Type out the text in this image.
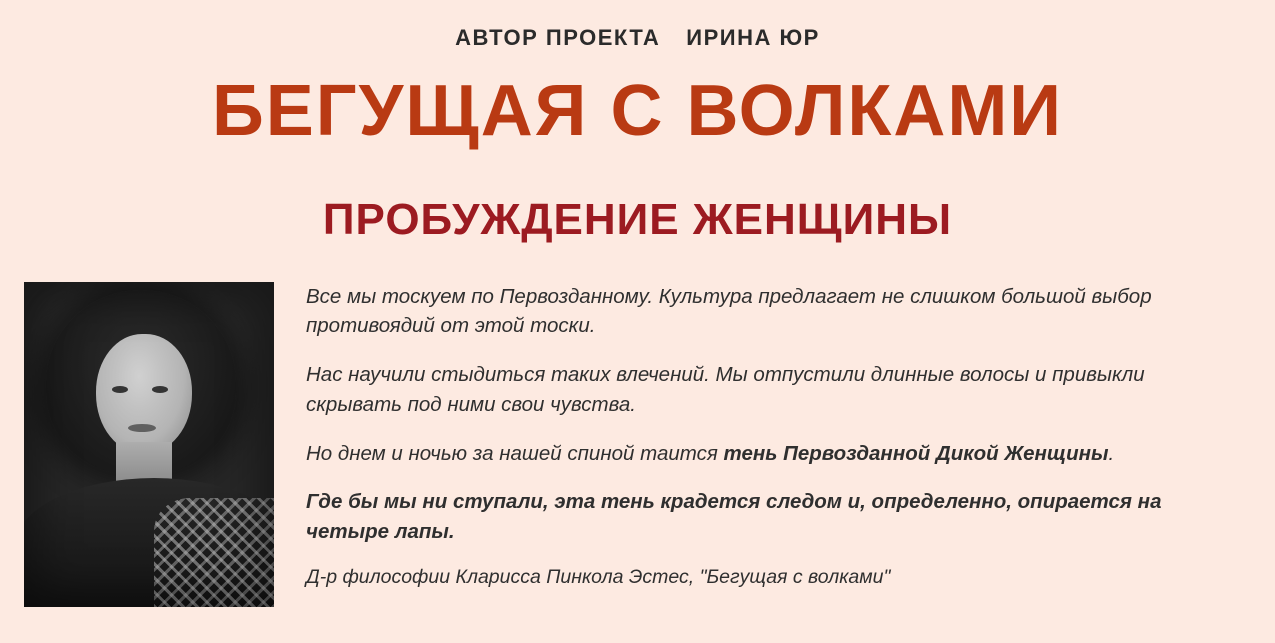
АВТОР ПРОЕКТА ИРИНА ЮР
БЕГУЩАЯ С ВОЛКАМИ
ПРОБУЖДЕНИЕ ЖЕНЩИНЫ

Все мы тоскуем по Первозданному. Культура предлагает не слишком большой выбор противоядий от этой тоски.

Нас научили стыдиться таких влечений. Мы отпустили длинные волосы и привыкли скрывать под ними свои чувства.

Но днем и ночью за нашей спиной таится тень Первозданной Дикой Женщины.

Где бы мы ни ступали, эта тень крадется следом и, определенно, опирается на четыре лапы.

Д-р философии Кларисса Пинкола Эстес, "Бегущая с волками"
